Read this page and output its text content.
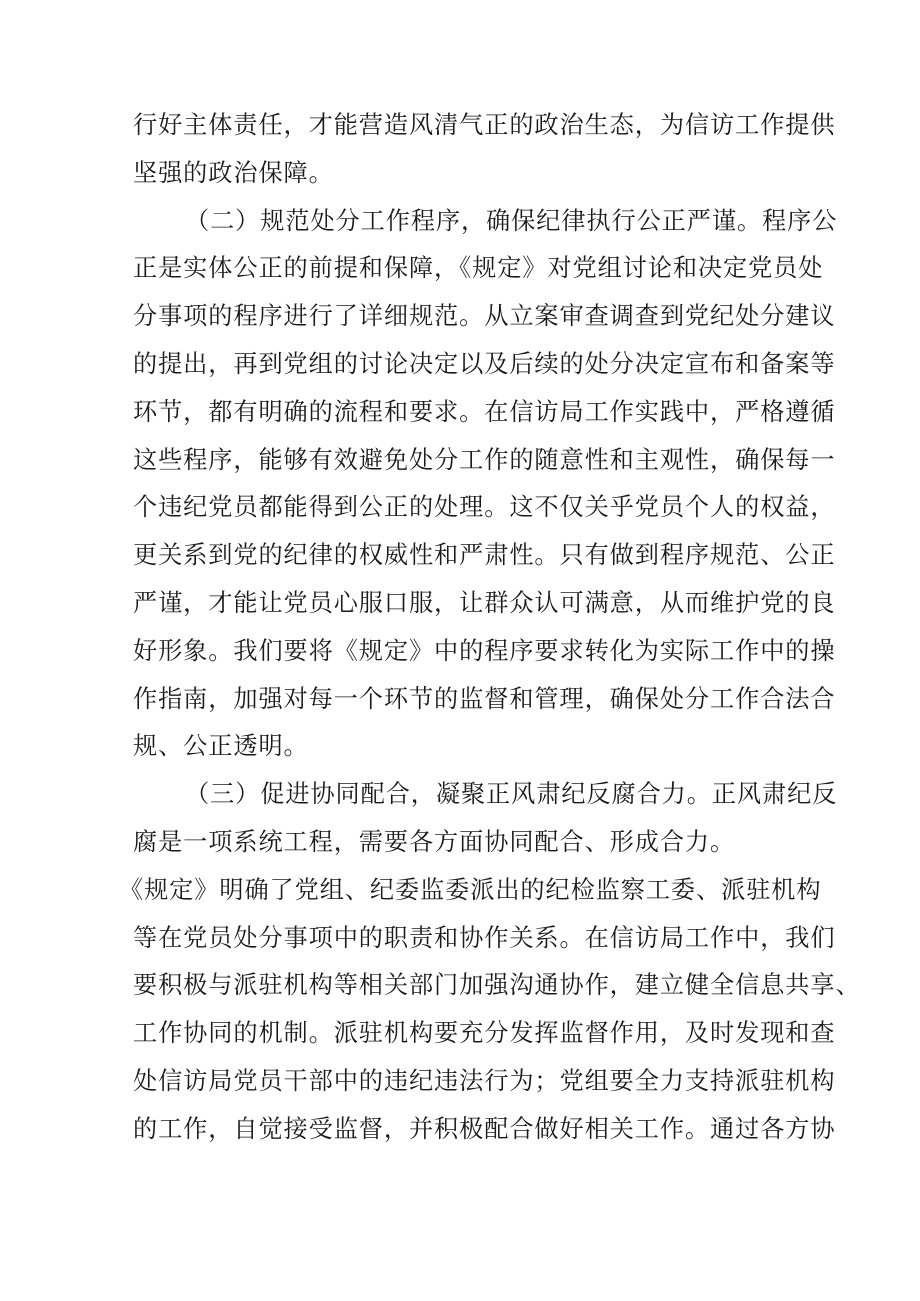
行好主体责任，才能营造风清气正的政治生态，为信访工作提供
坚强的政治保障。
（二）规范处分工作程序，确保纪律执行公正严谨。程序公
正是实体公正的前提和保障，《规定》对党组讨论和决定党员处
分事项的程序进行了详细规范。从立案审查调查到党纪处分建议
的提出，再到党组的讨论决定以及后续的处分决定宣布和备案等
环节，都有明确的流程和要求。在信访局工作实践中，严格遵循
这些程序，能够有效避免处分工作的随意性和主观性，确保每一
个违纪党员都能得到公正的处理。这不仅关乎党员个人的权益，
更关系到党的纪律的权威性和严肃性。只有做到程序规范、公正
严谨，才能让党员心服口服，让群众认可满意，从而维护党的良
好形象。我们要将《规定》中的程序要求转化为实际工作中的操
作指南，加强对每一个环节的监督和管理，确保处分工作合法合
规、公正透明。
（三）促进协同配合，凝聚正风肃纪反腐合力。正风肃纪反
腐是一项系统工程，需要各方面协同配合、形成合力。
《规定》明确了党组、纪委监委派出的纪检监察工委、派驻机构
等在党员处分事项中的职责和协作关系。在信访局工作中，我们
要积极与派驻机构等相关部门加强沟通协作，建立健全信息共享、
工作协同的机制。派驻机构要充分发挥监督作用，及时发现和查
处信访局党员干部中的违纪违法行为；党组要全力支持派驻机构
的工作，自觉接受监督，并积极配合做好相关工作。通过各方协
